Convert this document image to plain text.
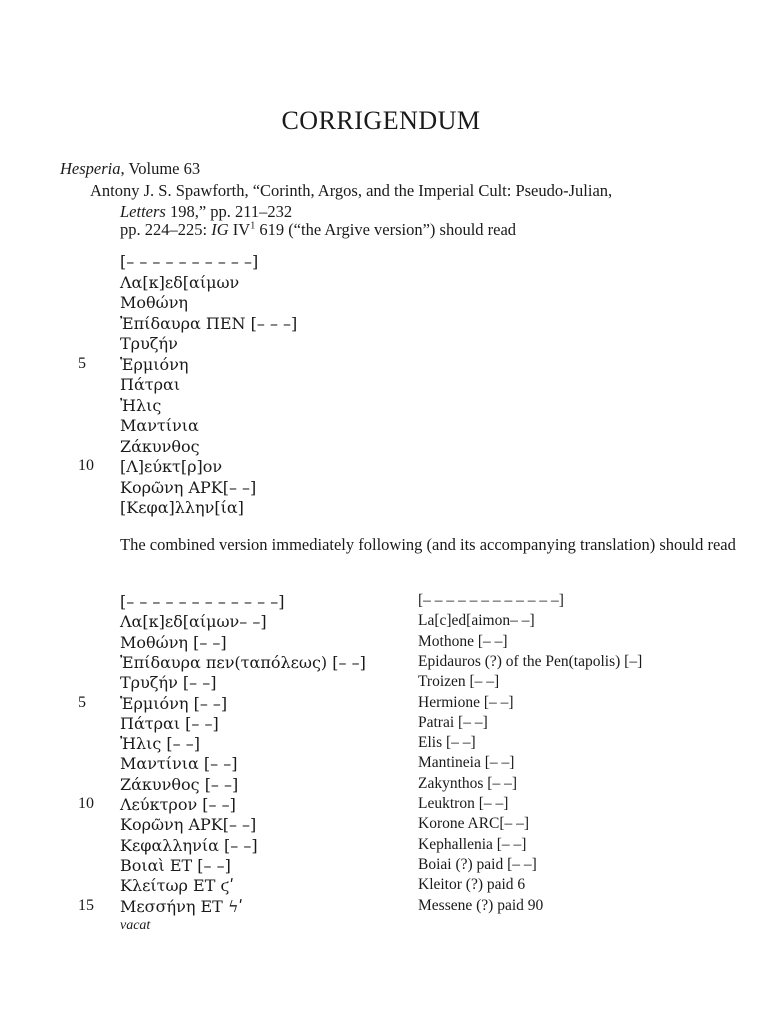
CORRIGENDUM
Hesperia, Volume 63
Antony J. S. Spawforth, “Corinth, Argos, and the Imperial Cult: Pseudo-Julian,
Letters 198,” pp. 211–232
pp. 224–225: IG $IV^1$ 619 (“the Argive version”) should read
[– – – – – – – – – –]
Λα[κ]εδ[αίμων
Μοθώνη
Ἐπίδαυρα ΠΕΝ [– – –]
Τρυζήν
5	Ἑρμιόνη
Πάτραι
Ἠλις
Μαντίνια
Ζάκυνθος
10	[Λ]εύκτ[ρ]ον
Κορῶνη ΑΡΚ[– –]
[Κεφα]λλην[ία]
The combined version immediately following (and its accompanying translation) should read
[– – – – – – – – – – – –]	[– – – – – – – – – – – –]
Λα[κ]εδ[αίμων– –]	La[c]ed[aimon– –]
Μοθώνη [– –]	Mothone [– –]
Ἐπίδαυρα πεν(ταπόλεως) [– –]	Epidauros (?) of the Pen(tapolis) [–]
Τρυζήν [– –]	Troizen [– –]
5	Ἑρμιόνη [– –]	Hermione [– –]
Πάτραι [– –]	Patrai [– –]
Ἠλις [– –]	Elis [– –]
Μαντίνια [– –]	Mantineia [– –]
Ζάκυνθος [– –]	Zakynthos [– –]
10	Λεύκτρον [– –]	Leuktron [– –]
Κορῶνη ΑΡΚ[– –]	Korone ARC[– –]
Κεφαλληνία [– –]	Kephallenia [– –]
Βοιαὶ ΕΤ [– –]	Boiai (?) paid [– –]
Κλείτωρ ΕΤ ϛʹ	Kleitor (?) paid 6
15	Μεσσήνη ΕΤ ϟʹ	Messene (?) paid 90
vacat
